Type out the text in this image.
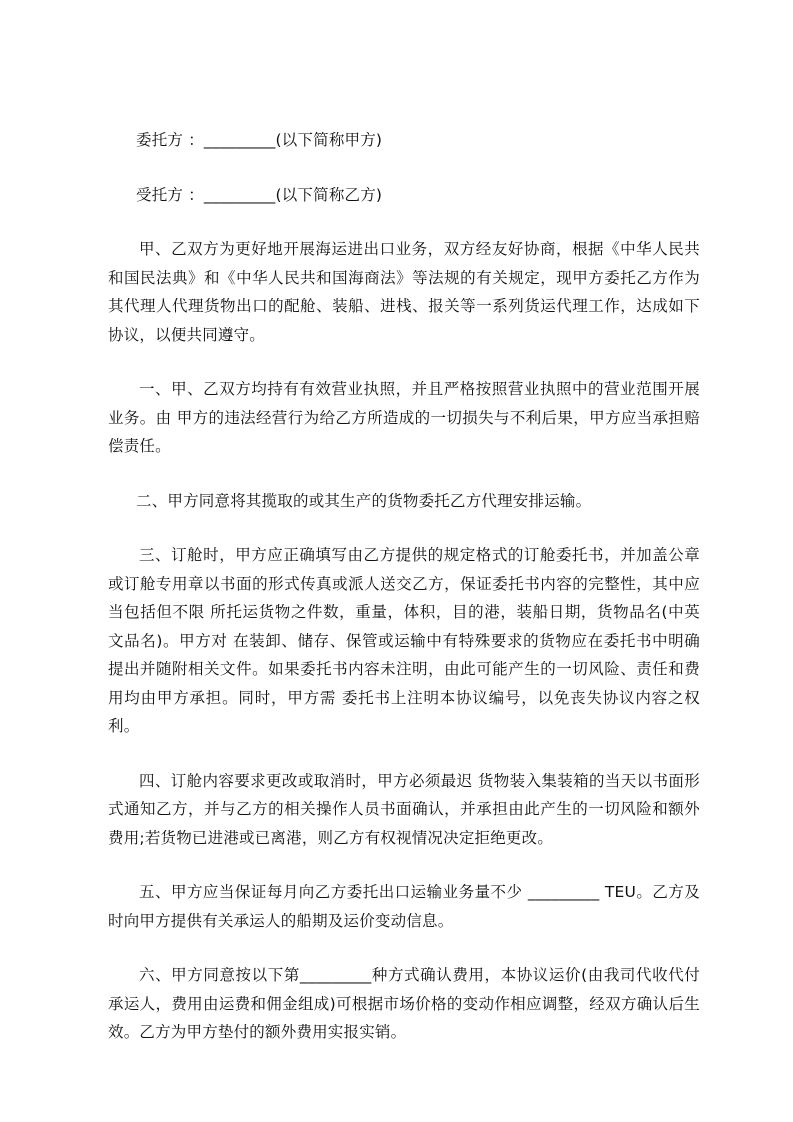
委托方 ：_________(以下简称甲方)

受托方 ：_________(以下简称乙方)

甲、乙双方为更好地开展海运进出口业务，双方经友好协商，根据《中华人民共和国民法典》和《中华人民共和国海商法》等法规的有关规定，现甲方委托乙方作为其代理人代理货物出口的配舱、装船、进栈、报关等一系列货运代理工作，达成如下协议，以便共同遵守。

一、甲、乙双方均持有有效营业执照，并且严格按照营业执照中的营业范围开展业务。由 甲方的违法经营行为给乙方所造成的一切损失与不利后果，甲方应当承担赔偿责任。

二、甲方同意将其揽取的或其生产的货物委托乙方代理安排运输。

三、订舱时，甲方应正确填写由乙方提供的规定格式的订舱委托书，并加盖公章或订舱专用章以书面的形式传真或派人送交乙方，保证委托书内容的完整性，其中应当包括但不限 所托运货物之件数，重量，体积，目的港，装船日期，货物品名(中英文品名)。甲方对 在装卸、储存、保管或运输中有特殊要求的货物应在委托书中明确提出并随附相关文件。如果委托书内容未注明，由此可能产生的一切风险、责任和费用均由甲方承担。同时，甲方需 委托书上注明本协议编号，以免丧失协议内容之权利。

四、订舱内容要求更改或取消时，甲方必须最迟 货物装入集装箱的当天以书面形式通知乙方，并与乙方的相关操作人员书面确认，并承担由此产生的一切风险和额外费用;若货物已进港或已离港，则乙方有权视情况决定拒绝更改。

五、甲方应当保证每月向乙方委托出口运输业务量不少 _________ TEU。乙方及时向甲方提供有关承运人的船期及运价变动信息。

六、甲方同意按以下第_________种方式确认费用，本协议运价(由我司代收代付承运人，费用由运费和佣金组成)可根据市场价格的变动作相应调整，经双方确认后生效。乙方为甲方垫付的额外费用实报实销。
